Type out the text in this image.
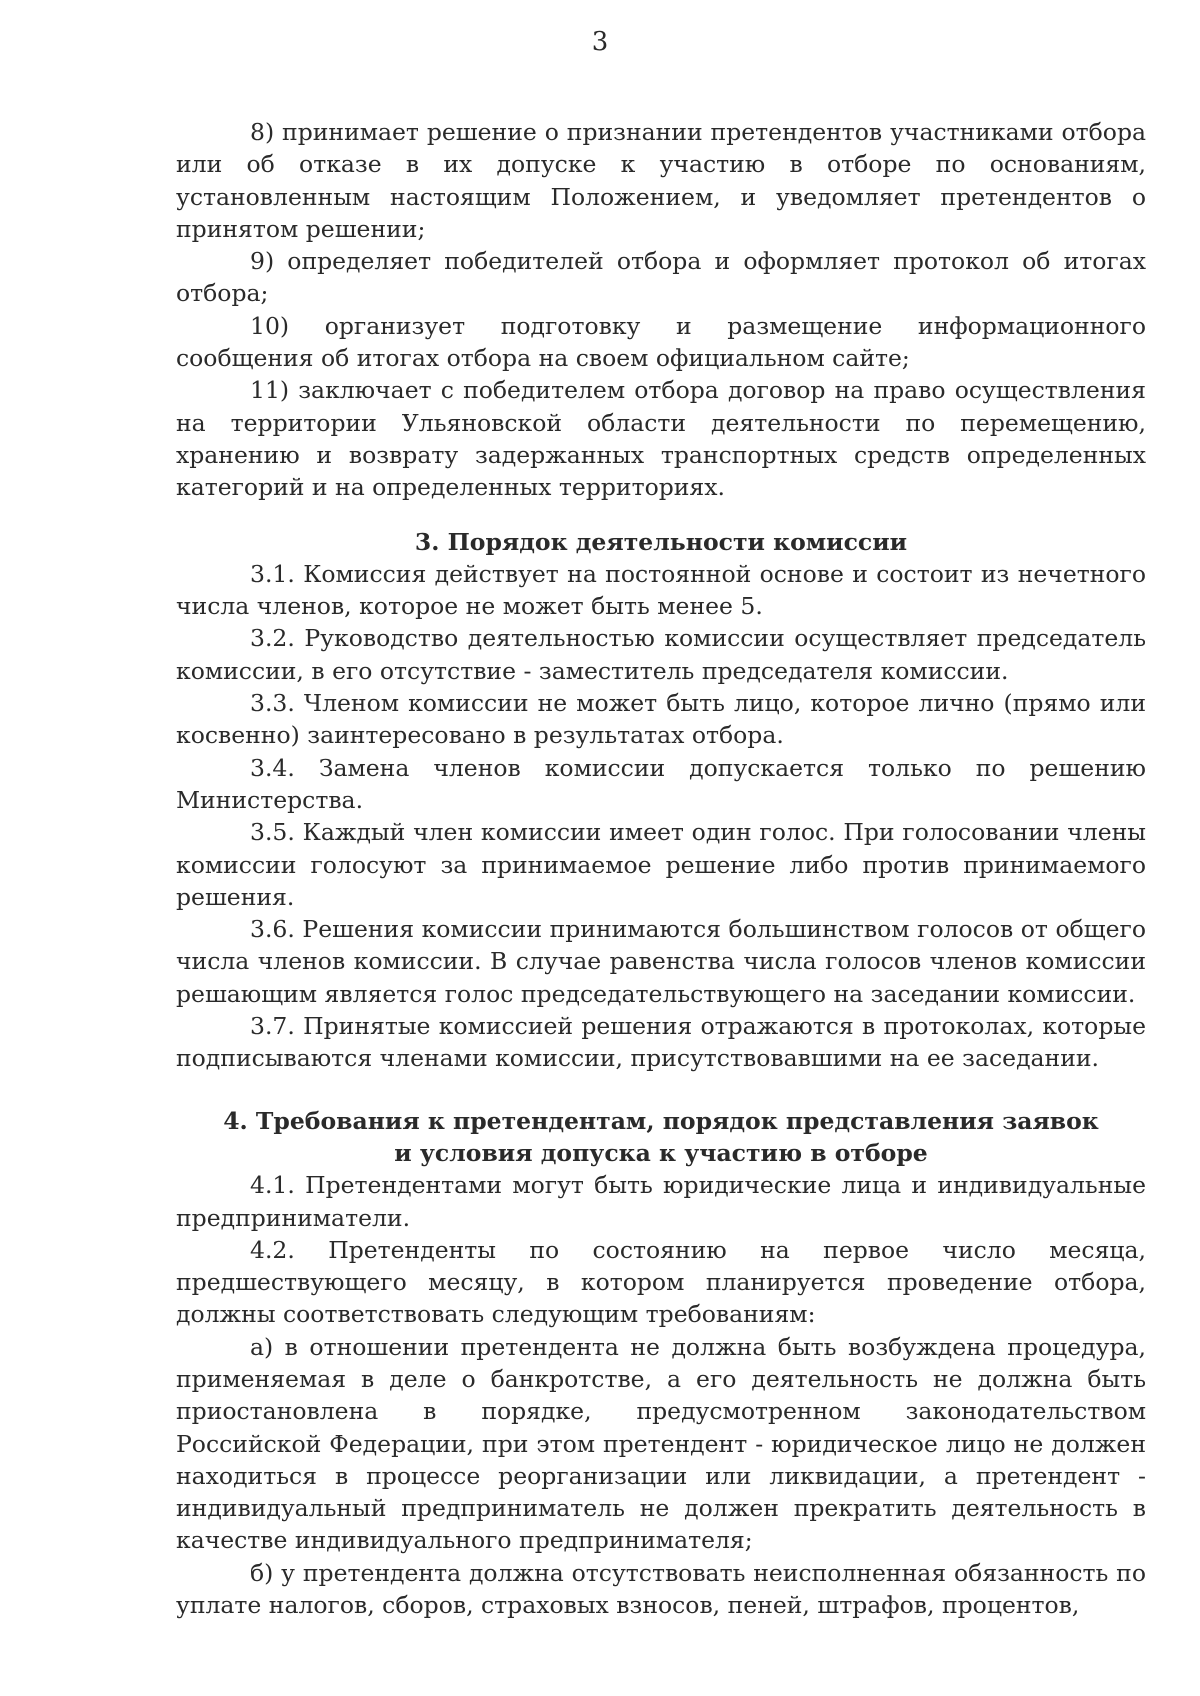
3

8) принимает решение о признании претендентов участниками отбора или об отказе в их допуске к участию в отборе по основаниям, установленным настоящим Положением, и уведомляет претендентов о принятом решении;

9) определяет победителей отбора и оформляет протокол об итогах отбора;

10) организует подготовку и размещение информационного сообщения об итогах отбора на своем официальном сайте;

11) заключает с победителем отбора договор на право осуществления на территории Ульяновской области деятельности по перемещению, хранению и возврату задержанных транспортных средств определенных категорий и на определенных территориях.

3. Порядок деятельности комиссии

3.1. Комиссия действует на постоянной основе и состоит из нечетного числа членов, которое не может быть менее 5.

3.2. Руководство деятельностью комиссии осуществляет председатель комиссии, в его отсутствие - заместитель председателя комиссии.

3.3. Членом комиссии не может быть лицо, которое лично (прямо или косвенно) заинтересовано в результатах отбора.

3.4. Замена членов комиссии допускается только по решению Министерства.

3.5. Каждый член комиссии имеет один голос. При голосовании члены комиссии голосуют за принимаемое решение либо против принимаемого решения.

3.6. Решения комиссии принимаются большинством голосов от общего числа членов комиссии. В случае равенства числа голосов членов комиссии решающим является голос председательствующего на заседании комиссии.

3.7. Принятые комиссией решения отражаются в протоколах, которые подписываются членами комиссии, присутствовавшими на ее заседании.

4. Требования к претендентам, порядок представления заявок

и условия допуска к участию в отборе

4.1. Претендентами могут быть юридические лица и индивидуальные предприниматели.

4.2. Претенденты по состоянию на первое число месяца, предшествующего месяцу, в котором планируется проведение отбора, должны соответствовать следующим требованиям:

а) в отношении претендента не должна быть возбуждена процедура, применяемая в деле о банкротстве, а его деятельность не должна быть приостановлена в порядке, предусмотренном законодательством Российской Федерации, при этом претендент - юридическое лицо не должен находиться в процессе реорганизации или ликвидации, а претендент - индивидуальный предприниматель не должен прекратить деятельность в качестве индивидуального предпринимателя;

б) у претендента должна отсутствовать неисполненная обязанность по уплате налогов, сборов, страховых взносов, пеней, штрафов, процентов,
